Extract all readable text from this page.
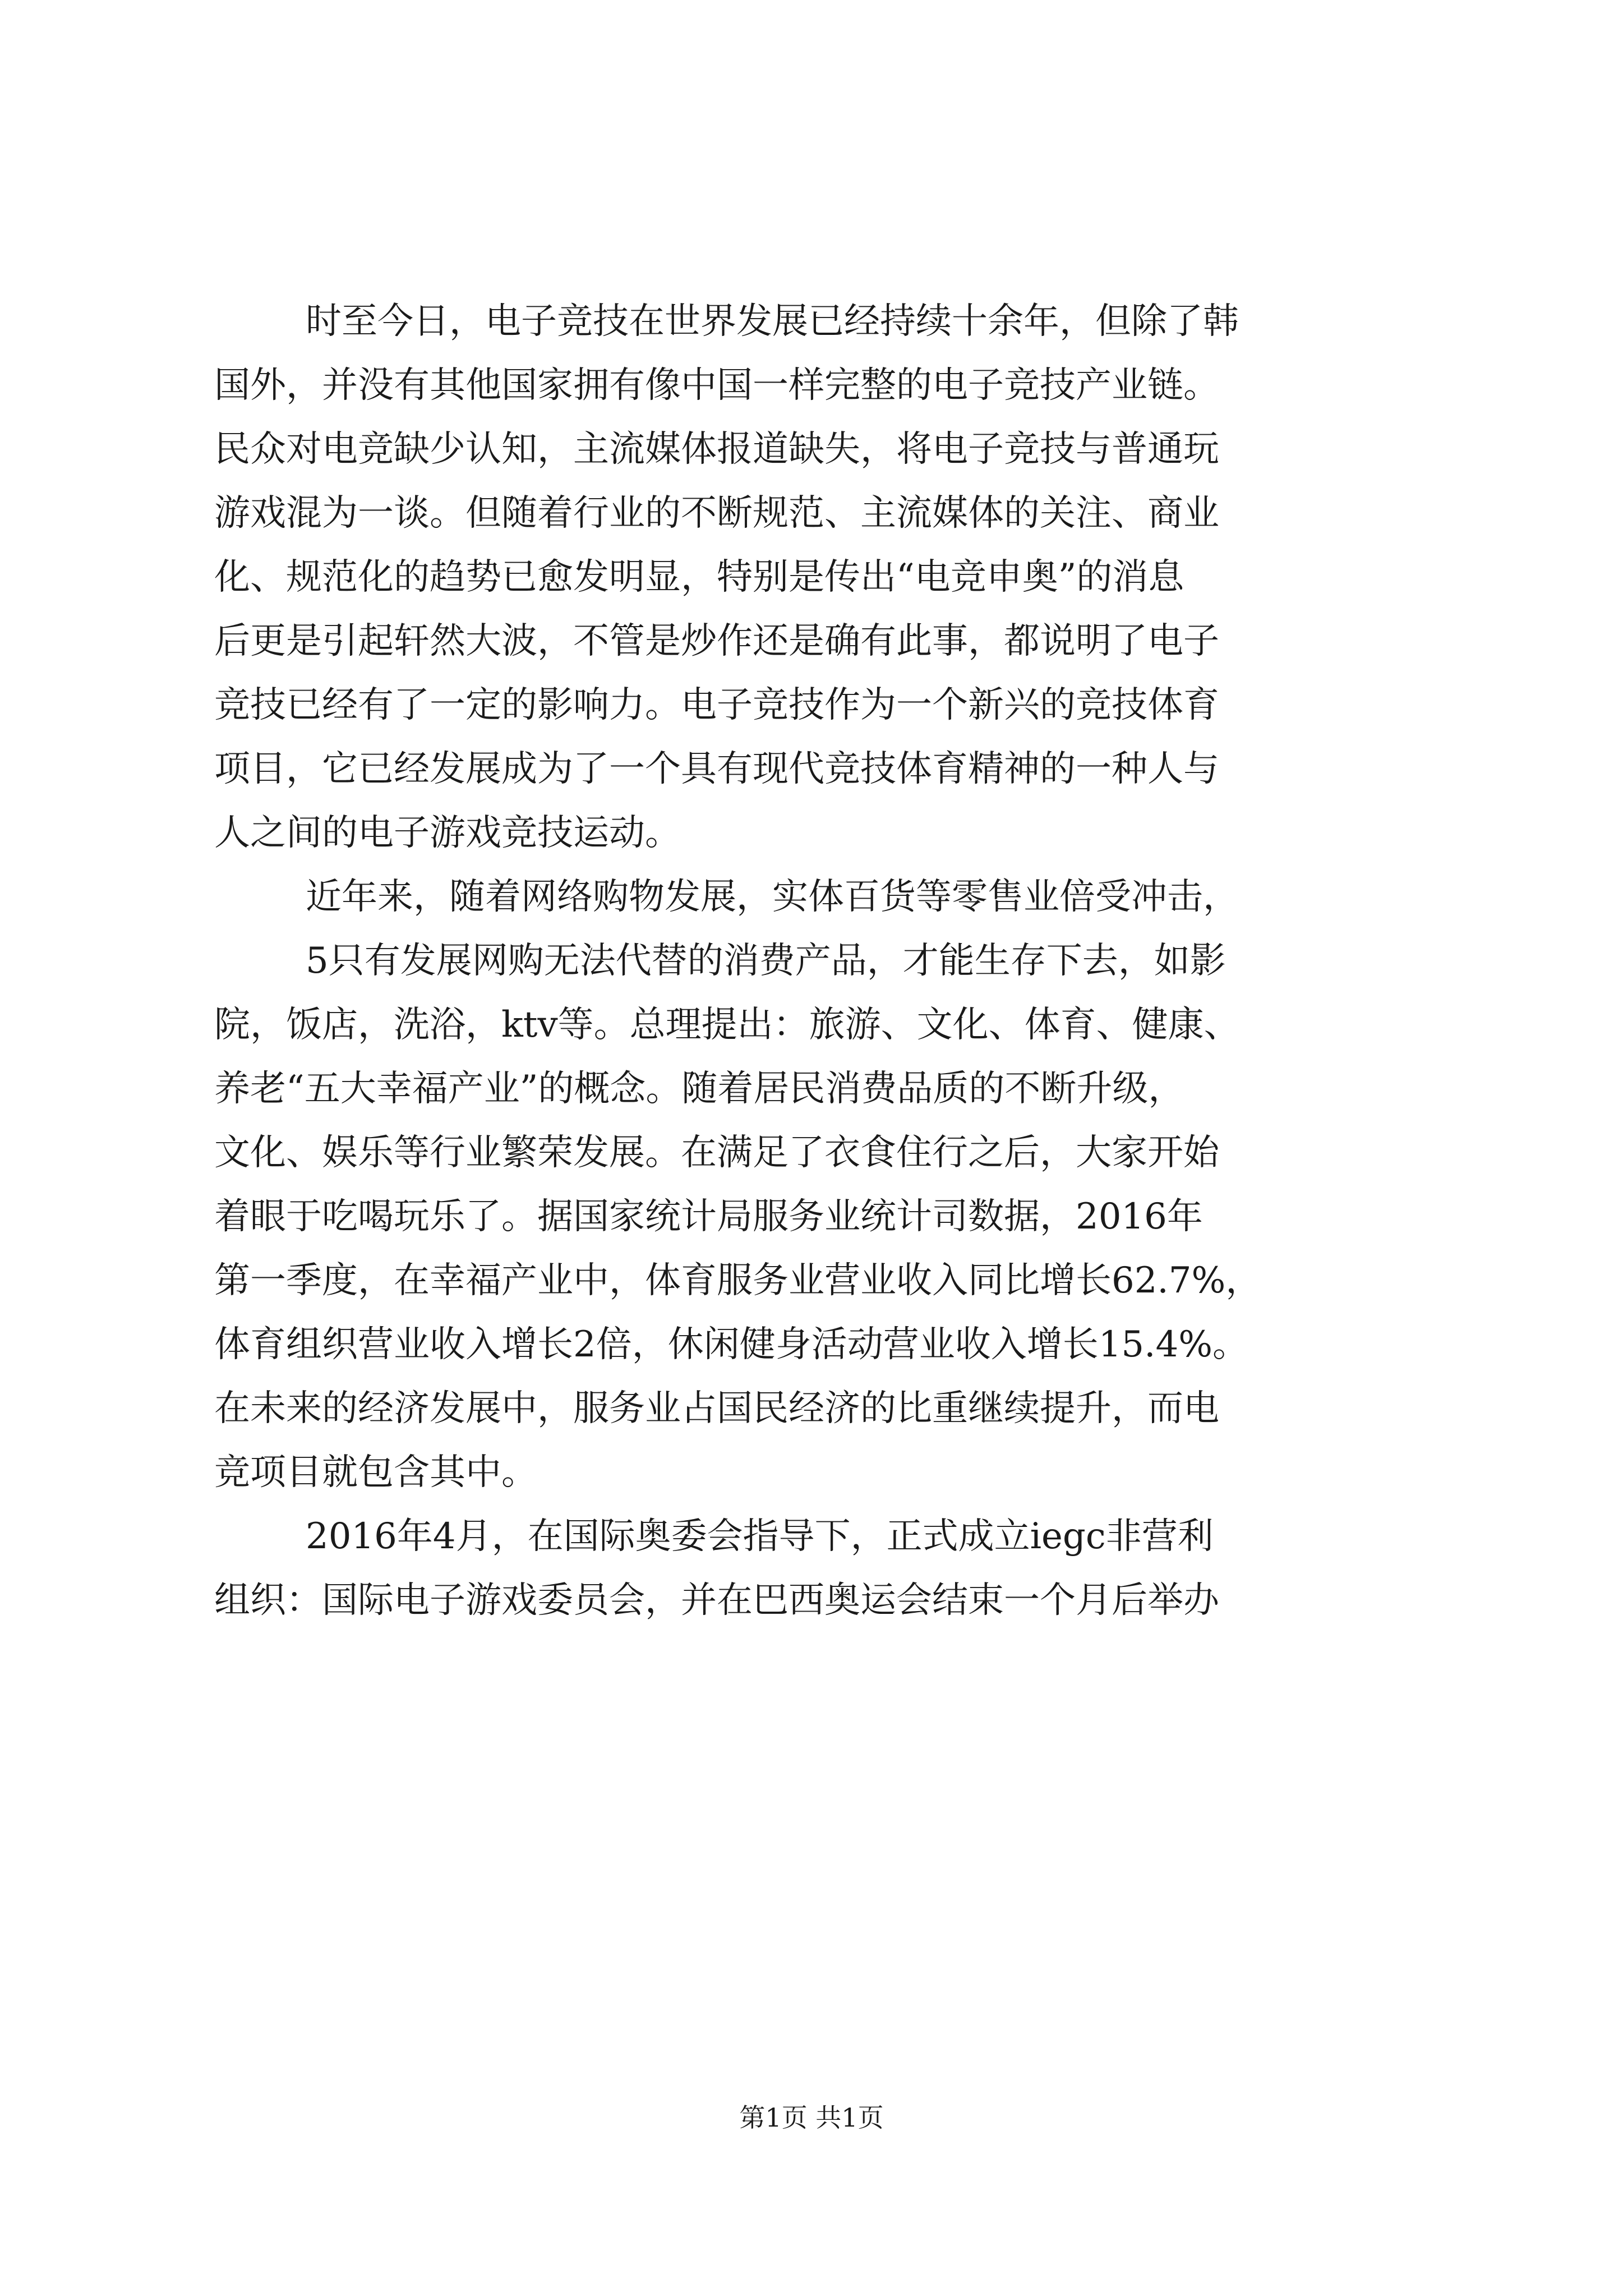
时至今日，电子竞技在世界发展已经持续十余年，但除了韩

国外，并没有其他国家拥有像中国一样完整的电子竞技产业链。

民众对电竞缺少认知，主流媒体报道缺失，将电子竞技与普通玩

游戏混为一谈。但随着行业的不断规范、主流媒体的关注、商业

化、规范化的趋势已愈发明显，特别是传出“电竞申奥”的消息

后更是引起轩然大波，不管是炒作还是确有此事，都说明了电子

竞技已经有了一定的影响力。电子竞技作为一个新兴的竞技体育

项目，它已经发展成为了一个具有现代竞技体育精神的一种人与

人之间的电子游戏竞技运动。

近年来，随着网络购物发展，实体百货等零售业倍受冲击，

5只有发展网购无法代替的消费产品，才能生存下去，如影

院，饭店，洗浴，ktv等。总理提出：旅游、文化、体育、健康、

养老“五大幸福产业”的概念。随着居民消费品质的不断升级，

文化、娱乐等行业繁荣发展。在满足了衣食住行之后，大家开始

着眼于吃喝玩乐了。据国家统计局服务业统计司数据，2016年

第一季度，在幸福产业中，体育服务业营业收入同比增长62.7%，

体育组织营业收入增长2倍，休闲健身活动营业收入增长15.4%。

在未来的经济发展中，服务业占国民经济的比重继续提升，而电

竞项目就包含其中。

2016年4月，在国际奥委会指导下，正式成立iegc非营利

组织：国际电子游戏委员会，并在巴西奥运会结束一个月后举办

第1页 共1页
